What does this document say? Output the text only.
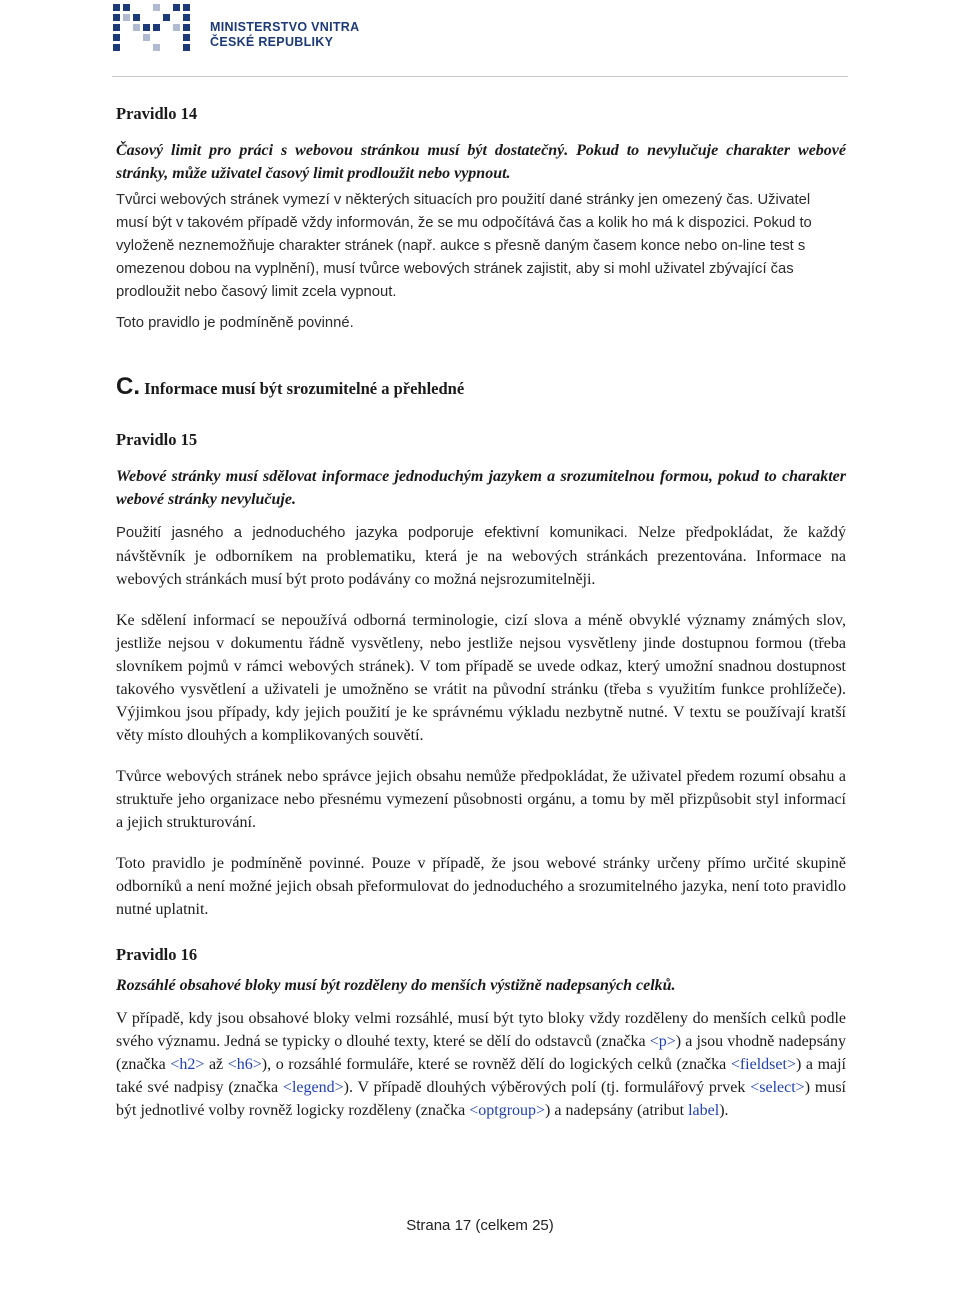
MINISTERSTVO VNITRA
ČESKÉ REPUBLIKY

Pravidlo 14

Časový limit pro práci s webovou stránkou musí být dostatečný. Pokud to nevylučuje charakter webové stránky, může uživatel časový limit prodloužit nebo vypnout.

Tvůrci webových stránek vymezí v některých situacích pro použití dané stránky jen omezený čas. Uživatel musí být v takovém případě vždy informován, že se mu odpočítává čas a kolik ho má k dispozici. Pokud to vyloženě neznemožňuje charakter stránek (např. aukce s přesně daným časem konce nebo on-line test s omezenou dobou na vyplnění), musí tvůrce webových stránek zajistit, aby si mohl uživatel zbývající čas prodloužit nebo časový limit zcela vypnout.

Toto pravidlo je podmíněně povinné.

C. Informace musí být srozumitelné a přehledné

Pravidlo 15

Webové stránky musí sdělovat informace jednoduchým jazykem a srozumitelnou formou, pokud to charakter webové stránky nevylučuje.

Použití jasného a jednoduchého jazyka podporuje efektivní komunikaci. Nelze předpokládat, že každý návštěvník je odborníkem na problematiku, která je na webových stránkách prezentována. Informace na webových stránkách musí být proto podávány co možná nejsrozumitelněji.

Ke sdělení informací se nepoužívá odborná terminologie, cizí slova a méně obvyklé významy známých slov, jestliže nejsou v dokumentu řádně vysvětleny, nebo jestliže nejsou vysvětleny jinde dostupnou formou (třeba slovníkem pojmů v rámci webových stránek). V tom případě se uvede odkaz, který umožní snadnou dostupnost takového vysvětlení a uživateli je umožněno se vrátit na původní stránku (třeba s využitím funkce prohlížeče). Výjimkou jsou případy, kdy jejich použití je ke správnému výkladu nezbytně nutné. V textu se používají kratší věty místo dlouhých a komplikovaných souvětí.

Tvůrce webových stránek nebo správce jejich obsahu nemůže předpokládat, že uživatel předem rozumí obsahu a struktuře jeho organizace nebo přesnému vymezení působnosti orgánu, a tomu by měl přizpůsobit styl informací a jejich strukturování.

Toto pravidlo je podmíněně povinné. Pouze v případě, že jsou webové stránky určeny přímo určité skupině odborníků a není možné jejich obsah přeformulovat do jednoduchého a srozumitelného jazyka, není toto pravidlo nutné uplatnit.

Pravidlo 16

Rozsáhlé obsahové bloky musí být rozděleny do menších výstižně nadepsaných celků.

V případě, kdy jsou obsahové bloky velmi rozsáhlé, musí být tyto bloky vždy rozděleny do menších celků podle svého významu. Jedná se typicky o dlouhé texty, které se dělí do odstavců (značka <p>) a jsou vhodně nadepsány (značka <h2> až <h6>), o rozsáhlé formuláře, které se rovněž dělí do logických celků (značka <fieldset>) a mají také své nadpisy (značka <legend>). V případě dlouhých výběrových polí (tj. formulářový prvek <select>) musí být jednotlivé volby rovněž logicky rozděleny (značka <optgroup>) a nadepsány (atribut label).

Strana 17 (celkem 25)
